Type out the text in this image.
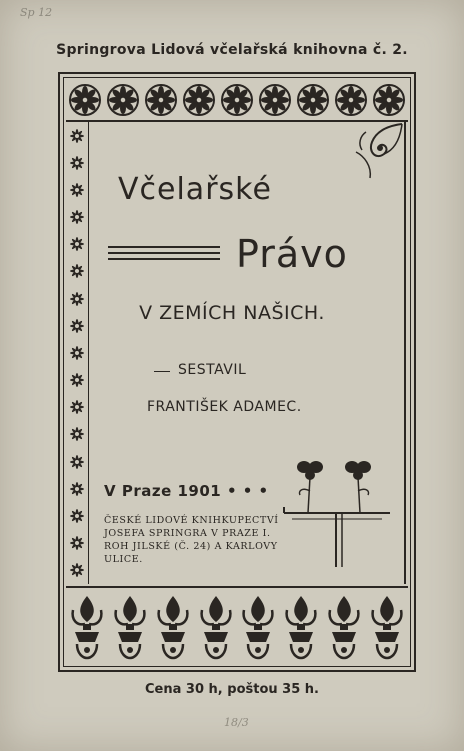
Sp 12
Springrova Lidová včelařská knihovna č. 2.
Včelařské
Právo
V ZEMÍCH NAŠICH.
SESTAVIL
FRANTIŠEK ADAMEC.
V Praze 1901 • • •
ČESKÉ LIDOVÉ KNIHKUPECTVÍ
JOSEFA SPRINGRA V PRAZE I.
ROH JILSKÉ (Č. 24) A KARLOVY
ULICE.
Cena 30 h, poštou 35 h.
18/3
